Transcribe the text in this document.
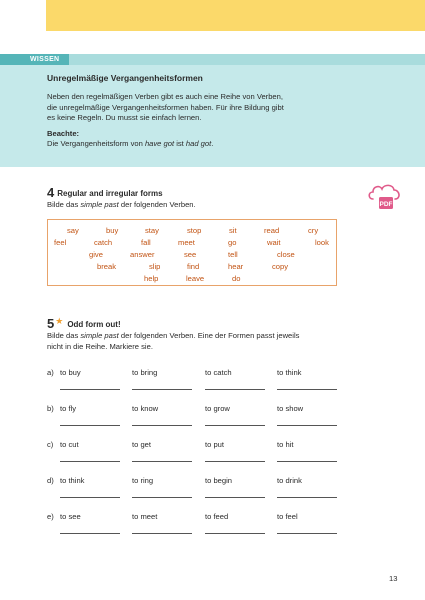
WISSEN
Unregelmäßige Vergangenheitsformen

Neben den regelmäßigen Verben gibt es auch eine Reihe von Verben,
die unregelmäßige Vergangenheitsformen haben. Für ihre Bildung gibt
es keine Regeln. Du musst sie einfach lernen.

Beachte:

Die Vergangenheitsform von have got ist had got.

4 Regular and irregular forms
Bilde das simple past der folgenden Verben.	PDF
say	buy	stay	stop	sit	read	cry
feel	catch	fall	meet	go	wait	look
give	answer	see	tell	close
break	slip	find	hear	copy
help	leave	do
5★ Odd form out!
Bilde das simple past der folgenden Verben. Eine der Formen passt jeweils
nicht in die Reihe. Markiere sie.
a) to buy	to bring	to catch	to think
b) to fly	to know	to grow	to show
c) to cut	to get	to put	to hit
d) to think	to ring	to begin	to drink
e) to see	to meet	to feed	to feel
13
